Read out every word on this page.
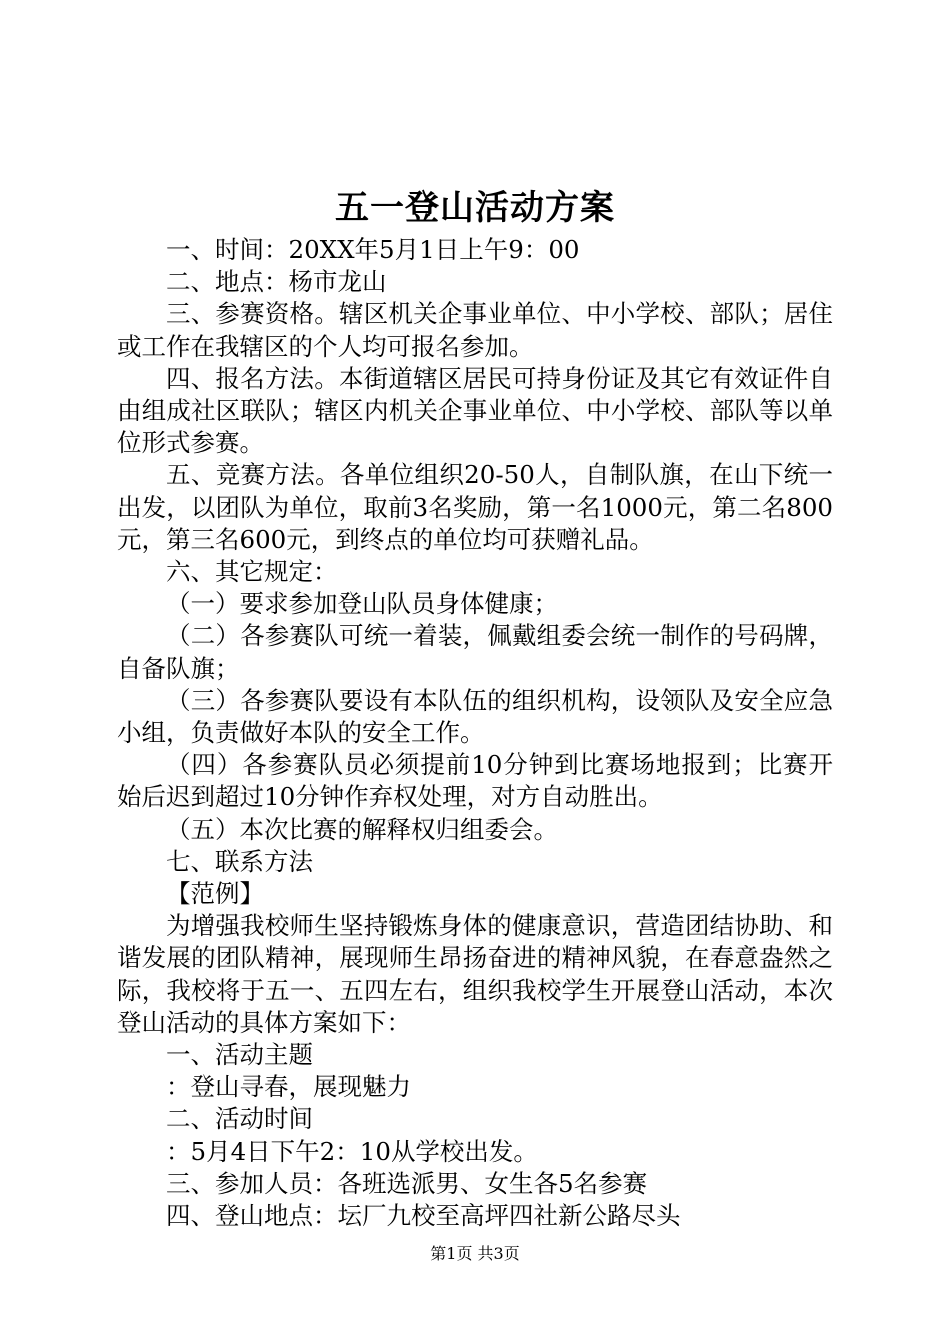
五一登山活动方案

一、时间：20XX年5月1日上午9：00

二、地点：杨市龙山

三、参赛资格。辖区机关企事业单位、中小学校、部队；居住或工作在我辖区的个人均可报名参加。

四、报名方法。本街道辖区居民可持身份证及其它有效证件自由组成社区联队；辖区内机关企事业单位、中小学校、部队等以单位形式参赛。

五、竞赛方法。各单位组织20-50人，自制队旗，在山下统一出发，以团队为单位，取前3名奖励，第一名1000元，第二名800元，第三名600元，到终点的单位均可获赠礼品。

六、其它规定：

（一）要求参加登山队员身体健康；

（二）各参赛队可统一着装，佩戴组委会统一制作的号码牌，自备队旗；

（三）各参赛队要设有本队伍的组织机构，设领队及安全应急小组，负责做好本队的安全工作。

（四）各参赛队员必须提前10分钟到比赛场地报到；比赛开始后迟到超过10分钟作弃权处理，对方自动胜出。

（五）本次比赛的解释权归组委会。

七、联系方法

【范例】

为增强我校师生坚持锻炼身体的健康意识，营造团结协助、和谐发展的团队精神，展现师生昂扬奋进的精神风貌，在春意盎然之际，我校将于五一、五四左右，组织我校学生开展登山活动，本次登山活动的具体方案如下：

一、活动主题

：登山寻春，展现魅力

二、活动时间

：5月4日下午2：10从学校出发。

三、参加人员：各班选派男、女生各5名参赛

四、登山地点：坛厂九校至高坪四社新公路尽头

第1页 共3页
